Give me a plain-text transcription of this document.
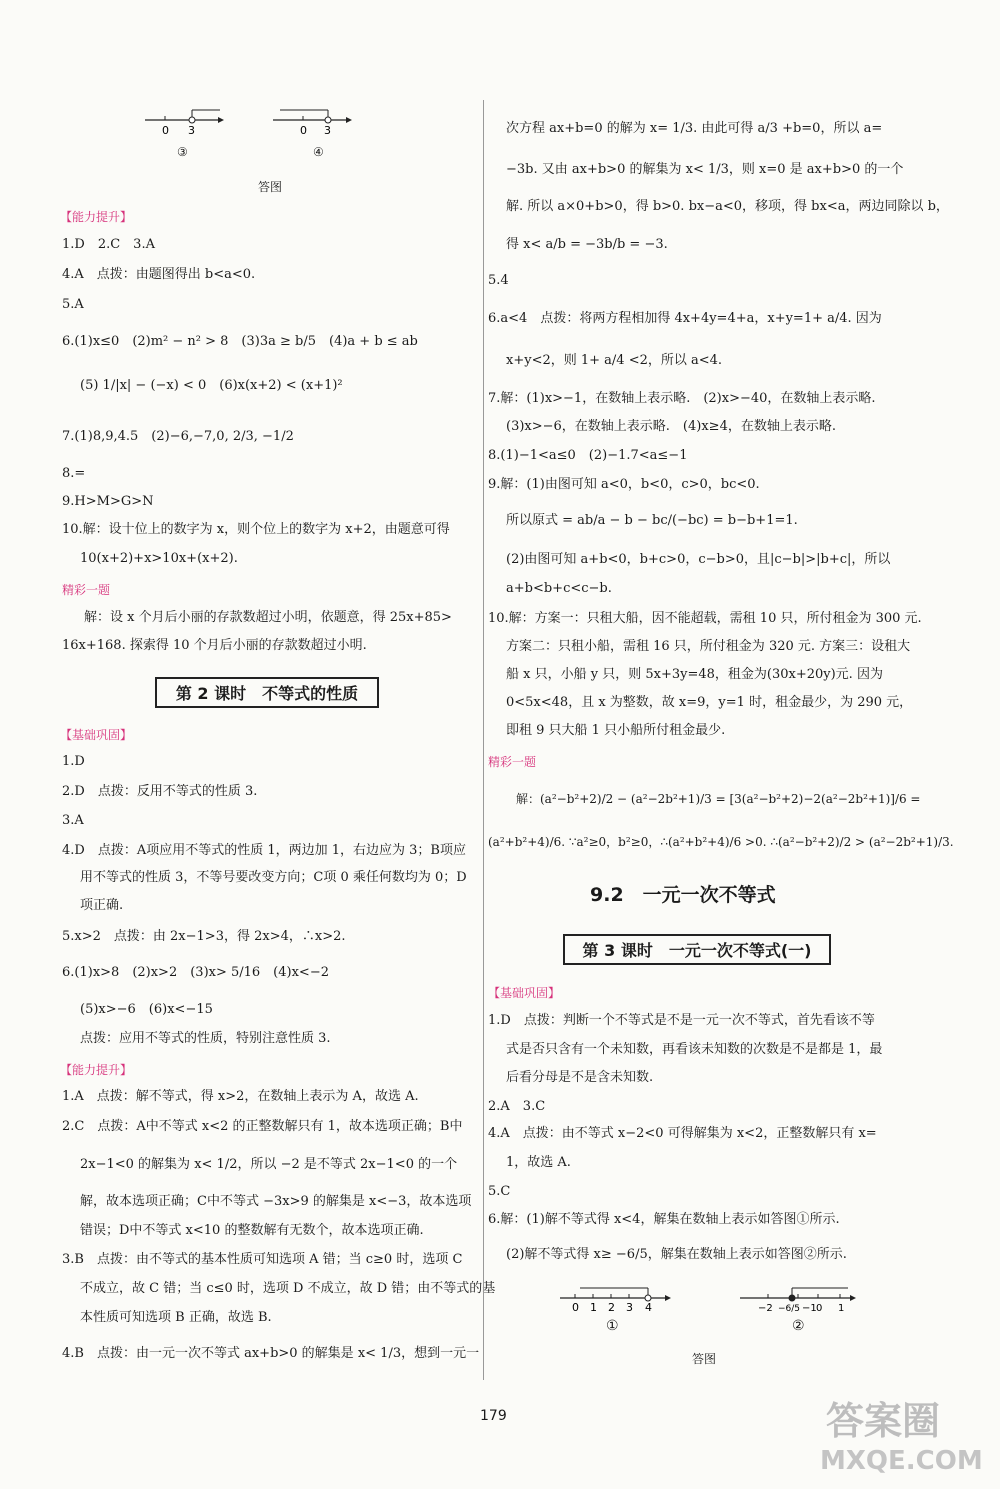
0 3	0 3
③	④
答图
【能力提升】
1.D　2.C　3.A
4.A　点拨：由题图得出 b<a<0.
5.A
6.(1)x≤0　(2)m² − n² > 8　(3)3a ≥ b/5　(4)a + b ≤ ab
(5) 1/|x| − (−x) < 0　(6)x(x+2) < (x+1)²
7.(1)8,9,4.5　(2)−6,−7,0, 2/3, −1/2
8.=
9.H>M>G>N
10.解：设十位上的数字为 x，则个位上的数字为 x+2，由题意可得
10(x+2)+x>10x+(x+2).
精彩一题
解：设 x 个月后小丽的存款数超过小明，依题意，得 25x+85>
16x+168. 探索得 10 个月后小丽的存款数超过小明.
第 2 课时　不等式的性质
【基础巩固】
1.D
2.D　点拨：反用不等式的性质 3.
3.A
4.D　点拨：A项应用不等式的性质 1，两边加 1，右边应为 3；B项应
用不等式的性质 3，不等号要改变方向；C项 0 乘任何数均为 0；D
项正确.
5.x>2　点拨：由 2x−1>3，得 2x>4，∴x>2.
6.(1)x>8　(2)x>2　(3)x> 5/16　(4)x<−2
(5)x>−6　(6)x<−15
点拨：应用不等式的性质，特别注意性质 3.
【能力提升】
1.A　点拨：解不等式，得 x>2，在数轴上表示为 A，故选 A.
2.C　点拨：A中不等式 x<2 的正整数解只有 1，故本选项正确；B中
2x−1<0 的解集为 x< 1/2，所以 −2 是不等式 2x−1<0 的一个
解，故本选项正确；C中不等式 −3x>9 的解集是 x<−3，故本选项
错误；D中不等式 x<10 的整数解有无数个，故本选项正确.
3.B　点拨：由不等式的基本性质可知选项 A 错；当 c≥0 时，选项 C
不成立，故 C 错；当 c≤0 时，选项 D 不成立，故 D 错；由不等式的基
本性质可知选项 B 正确，故选 B.
4.B　点拨：由一元一次不等式 ax+b>0 的解集是 x< 1/3，想到一元一
次方程 ax+b=0 的解为 x= 1/3. 由此可得 a/3 +b=0，所以 a=
−3b. 又由 ax+b>0 的解集为 x< 1/3，则 x=0 是 ax+b>0 的一个
解. 所以 a×0+b>0，得 b>0. bx−a<0，移项，得 bx<a，两边同除以 b，
得 x< a/b = −3b/b = −3.
5.4
6.a<4　点拨：将两方程相加得 4x+4y=4+a，x+y=1+ a/4. 因为
x+y<2，则 1+ a/4 <2，所以 a<4.
7.解：(1)x>−1，在数轴上表示略.　(2)x>−40，在数轴上表示略.
(3)x>−6，在数轴上表示略.　(4)x≥4，在数轴上表示略.
8.(1)−1<a≤0　(2)−1.7<a≤−1
9.解：(1)由图可知 a<0，b<0，c>0，bc<0.
所以原式 = ab/a − b − bc/(−bc) = b−b+1=1.
(2)由图可知 a+b<0，b+c>0，c−b>0，且|c−b|>|b+c|，所以
a+b<b+c<c−b.
10.解：方案一：只租大船，因不能超载，需租 10 只，所付租金为 300 元.
方案二：只租小船，需租 16 只，所付租金为 320 元. 方案三：设租大
船 x 只，小船 y 只，则 5x+3y=48，租金为(30x+20y)元. 因为
0<5x<48，且 x 为整数，故 x=9，y=1 时，租金最少，为 290 元，
即租 9 只大船 1 只小船所付租金最少.
精彩一题
解：(a²−b²+2)/2 − (a²−2b²+1)/3 = [3(a²−b²+2)−2(a²−2b²+1)]/6 =
(a²+b²+4)/6. ∵a²≥0，b²≥0，∴(a²+b²+4)/6 >0. ∴(a²−b²+2)/2 > (a²−2b²+1)/3.
9.2　一元一次不等式
第 3 课时　一元一次不等式(一)
【基础巩固】
1.D　点拨：判断一个不等式是不是一元一次不等式，首先看该不等
式是否只含有一个未知数，再看该未知数的次数是不是都是 1，最
后看分母是不是含未知数.
2.A　3.C
4.A　点拨：由不等式 x−2<0 可得解集为 x<2，正整数解只有 x=
1，故选 A.
5.C
6.解：(1)解不等式得 x<4，解集在数轴上表示如答图①所示.
(2)解不等式得 x≥ −6/5，解集在数轴上表示如答图②所示.
0 1 2 3 4
①
−2 −6/5 −1 0 1
②
答图
179	答案圈
MXQE.COM
